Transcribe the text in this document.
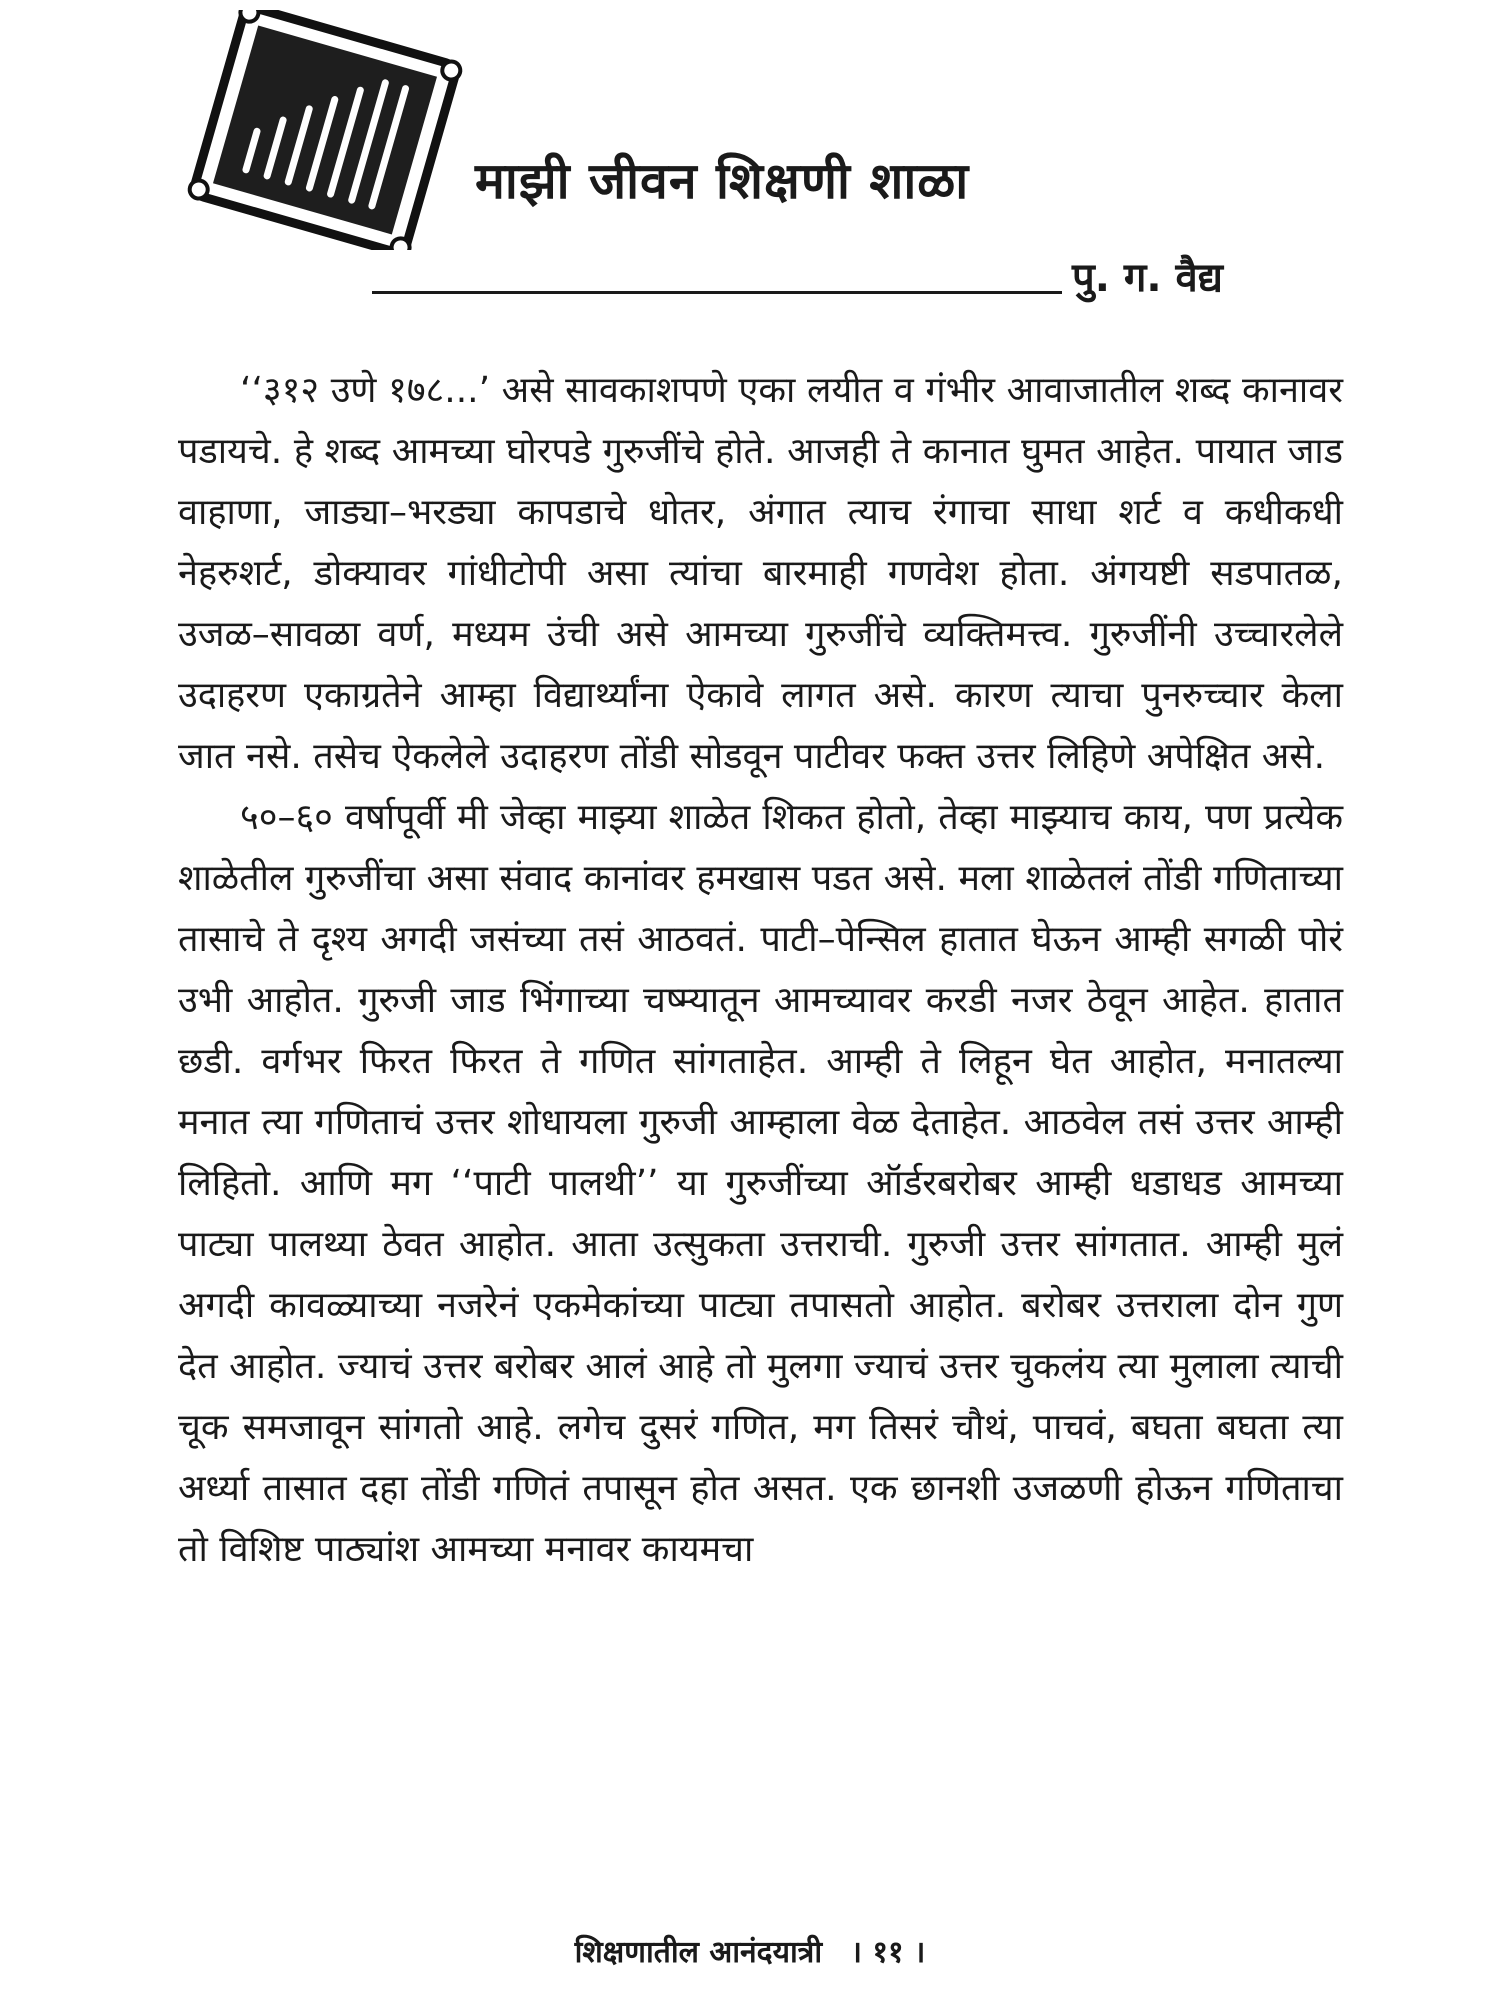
माझी जीवन शिक्षणी शाळा
पु. ग. वैद्य

‘‘३१२ उणे १७८...’ असे सावकाशपणे एका लयीत व गंभीर आवाजातील शब्द कानावर पडायचे. हे शब्द आमच्या घोरपडे गुरुजींचे होते. आजही ते कानात घुमत आहेत. पायात जाड वाहाणा, जाड्या–भरड्या कापडाचे धोतर, अंगात त्याच रंगाचा साधा शर्ट व कधीकधी नेहरुशर्ट, डोक्यावर गांधीटोपी असा त्यांचा बारमाही गणवेश होता. अंगयष्टी सडपातळ, उजळ–सावळा वर्ण, मध्यम उंची असे आमच्या गुरुजींचे व्यक्तिमत्त्व. गुरुजींनी उच्चारलेले उदाहरण एकाग्रतेने आम्हा विद्यार्थ्यांना ऐकावे लागत असे. कारण त्याचा पुनरुच्चार केला जात नसे. तसेच ऐकलेले उदाहरण तोंडी सोडवून पाटीवर फक्त उत्तर लिहिणे अपेक्षित असे.

५०–६० वर्षापूर्वी मी जेव्हा माझ्या शाळेत शिकत होतो, तेव्हा माझ्याच काय, पण प्रत्येक शाळेतील गुरुजींचा असा संवाद कानांवर हमखास पडत असे. मला शाळेतलं तोंडी गणिताच्या तासाचे ते दृश्य अगदी जसंच्या तसं आठवतं. पाटी–पेन्सिल हातात घेऊन आम्ही सगळी पोरं उभी आहोत. गुरुजी जाड भिंगाच्या चष्म्यातून आमच्यावर करडी नजर ठेवून आहेत. हातात छडी. वर्गभर फिरत फिरत ते गणित सांगताहेत. आम्ही ते लिहून घेत आहोत, मनातल्या मनात त्या गणिताचं उत्तर शोधायला गुरुजी आम्हाला वेळ देताहेत. आठवेल तसं उत्तर आम्ही लिहितो. आणि मग ‘‘पाटी पालथी’’ या गुरुजींच्या ऑर्डरबरोबर आम्ही धडाधड आमच्या पाट्या पालथ्या ठेवत आहोत. आता उत्सुकता उत्तराची. गुरुजी उत्तर सांगतात. आम्ही मुलं अगदी कावळ्याच्या नजरेनं एकमेकांच्या पाट्या तपासतो आहोत. बरोबर उत्तराला दोन गुण देत आहोत. ज्याचं उत्तर बरोबर आलं आहे तो मुलगा ज्याचं उत्तर चुकलंय त्या मुलाला त्याची चूक समजावून सांगतो आहे. लगेच दुसरं गणित, मग तिसरं चौथं, पाचवं, बघता बघता त्या अर्ध्या तासात दहा तोंडी गणितं तपासून होत असत. एक छानशी उजळणी होऊन गणिताचा तो विशिष्ट पाठ्यांश आमच्या मनावर कायमचा

शिक्षणातील आनंदयात्री । ११ ।
